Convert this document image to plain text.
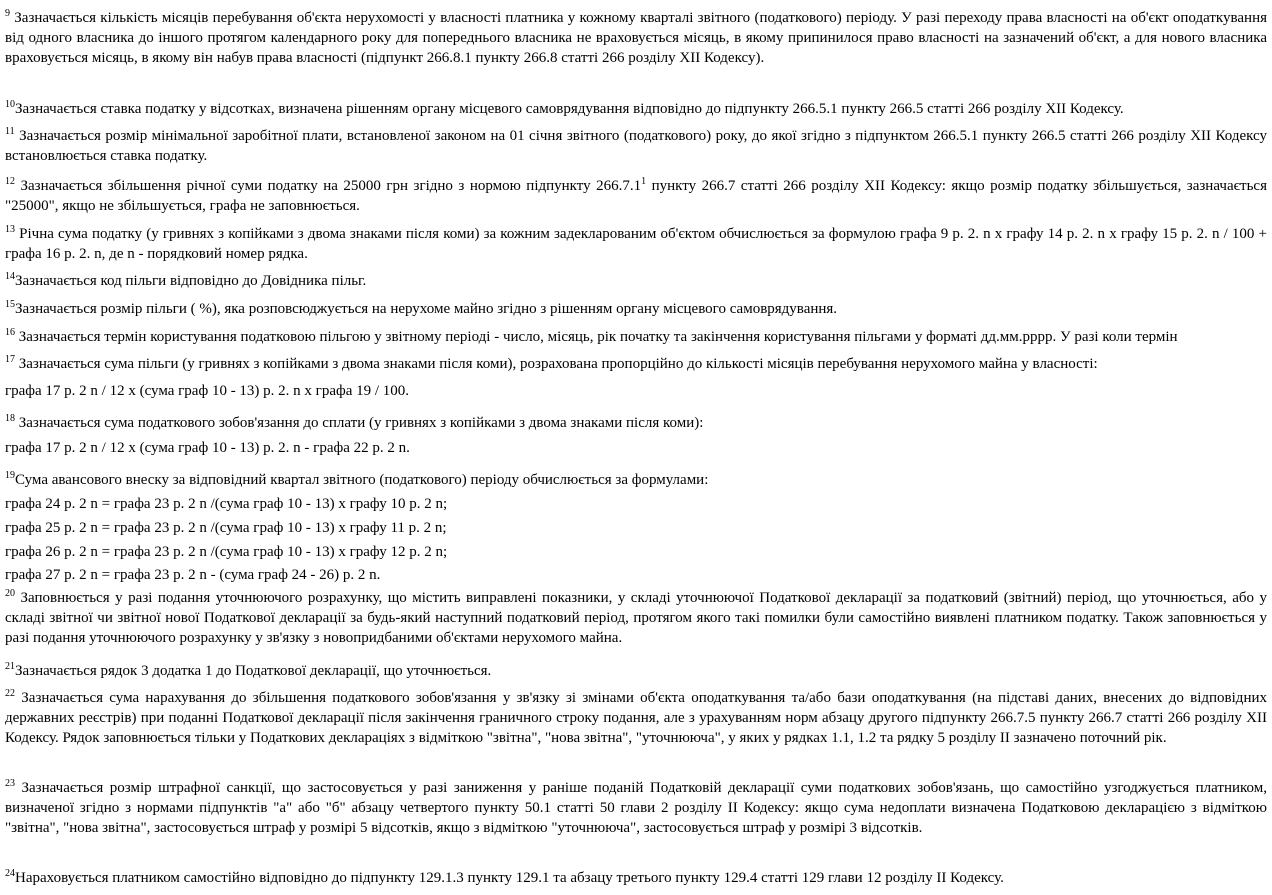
$^9$ Зазначається кількість місяців перебування об'єкта нерухомості у власності платника у кожному кварталі звітного (податкового) періоду. У разі переходу права власності на об'єкт оподаткування від одного власника до іншого протягом календарного року для попереднього власника не враховується місяць, в якому припинилося право власності на зазначений об'єкт, а для нового власника враховується місяць, в якому він набув права власності (підпункт 266.8.1 пункту 266.8 статті 266 розділу XII Кодексу).

$^{10}$Зазначається ставка податку у відсотках, визначена рішенням органу місцевого самоврядування відповідно до підпункту 266.5.1 пункту 266.5 статті 266 розділу XII Кодексу.

$^{11}$ Зазначається розмір мінімальної заробітної плати, встановленої законом на 01 січня звітного (податкового) року, до якої згідно з підпунктом 266.5.1 пункту 266.5 статті 266 розділу XII Кодексу встановлюється ставка податку.

$^{12}$ Зазначається збільшення річної суми податку на 25000 грн згідно з нормою підпункту 266.7.1$^1$ пункту 266.7 статті 266 розділу XII Кодексу: якщо розмір податку збільшується, зазначається "25000", якщо не збільшується, графа не заповнюється.

$^{13}$ Річна сума податку (у гривнях з копійками з двома знаками після коми) за кожним задекларованим об'єктом обчислюється за формулою графа 9 р. 2. n х графу 14 р. 2. n х графу 15 р. 2. n / 100 + графа 16 р. 2. n, де n - порядковий номер рядка.

$^{14}$Зазначається код пільги відповідно до Довідника пільг.

$^{15}$Зазначається розмір пільги ( %), яка розповсюджується на нерухоме майно згідно з рішенням органу місцевого самоврядування.

$^{16}$ Зазначається термін користування податковою пільгою у звітному періоді - число, місяць, рік початку та закінчення користування пільгами у форматі дд.мм.рррр. У разі коли термін

$^{17}$ Зазначається сума пільги (у гривнях з копійками з двома знаками після коми), розрахована пропорційно до кількості місяців перебування нерухомого майна у власності:

графа 17 р. 2 n / 12 х (сума граф 10 - 13) р. 2. n х графа 19 / 100.

$^{18}$ Зазначається сума податкового зобов'язання до сплати (у гривнях з копійками з двома знаками після коми):

графа 17 р. 2 n / 12 х (сума граф 10 - 13) р. 2. n - графа 22 р. 2 n.

$^{19}$Сума авансового внеску за відповідний квартал звітного (податкового) періоду обчислюється за формулами:

графа 24 р. 2 n = графа 23 р. 2 n /(сума граф 10 - 13) х графу 10 р. 2 n;

графа 25 р. 2 n = графа 23 р. 2 n /(сума граф 10 - 13) х графу 11 р. 2 n;

графа 26 р. 2 n = графа 23 р. 2 n /(сума граф 10 - 13) х графу 12 р. 2 n;

графа 27 р. 2 n = графа 23 р. 2 n - (сума граф 24 - 26) р. 2 n.

$^{20}$ Заповнюється у разі подання уточнюючого розрахунку, що містить виправлені показники, у складі уточнюючої Податкової декларації за податковий (звітний) період, що уточнюється, або у складі звітної чи звітної нової Податкової декларації за будь-який наступний податковий період, протягом якого такі помилки були самостійно виявлені платником податку. Також заповнюється у разі подання уточнюючого розрахунку у зв'язку з новопридбаними об'єктами нерухомого майна.

$^{21}$Зазначається рядок 3 додатка 1 до Податкової декларації, що уточнюється.

$^{22}$ Зазначається сума нарахування до збільшення податкового зобов'язання у зв'язку зі змінами об'єкта оподаткування та/або бази оподаткування (на підставі даних, внесених до відповідних державних реєстрів) при поданні Податкової декларації після закінчення граничного строку подання, але з урахуванням норм абзацу другого підпункту 266.7.5 пункту 266.7 статті 266 розділу XII Кодексу. Рядок заповнюється тільки у Податкових деклараціях з відміткою "звітна", "нова звітна", "уточнююча", у яких у рядках 1.1, 1.2 та рядку 5 розділу II зазначено поточний рік.

$^{23}$ Зазначається розмір штрафної санкції, що застосовується у разі заниження у раніше поданій Податковій декларації суми податкових зобов'язань, що самостійно узгоджується платником, визначеної згідно з нормами підпунктів "а" або "б" абзацу четвертого пункту 50.1 статті 50 глави 2 розділу II Кодексу: якщо сума недоплати визначена Податковою декларацією з відміткою "звітна", "нова звітна", застосовується штраф у розмірі 5 відсотків, якщо з відміткою "уточнююча", застосовується штраф у розмірі 3 відсотків.

$^{24}$Нараховується платником самостійно відповідно до підпункту 129.1.3 пункту 129.1 та абзацу третього пункту 129.4 статті 129 глави 12 розділу II Кодексу.
